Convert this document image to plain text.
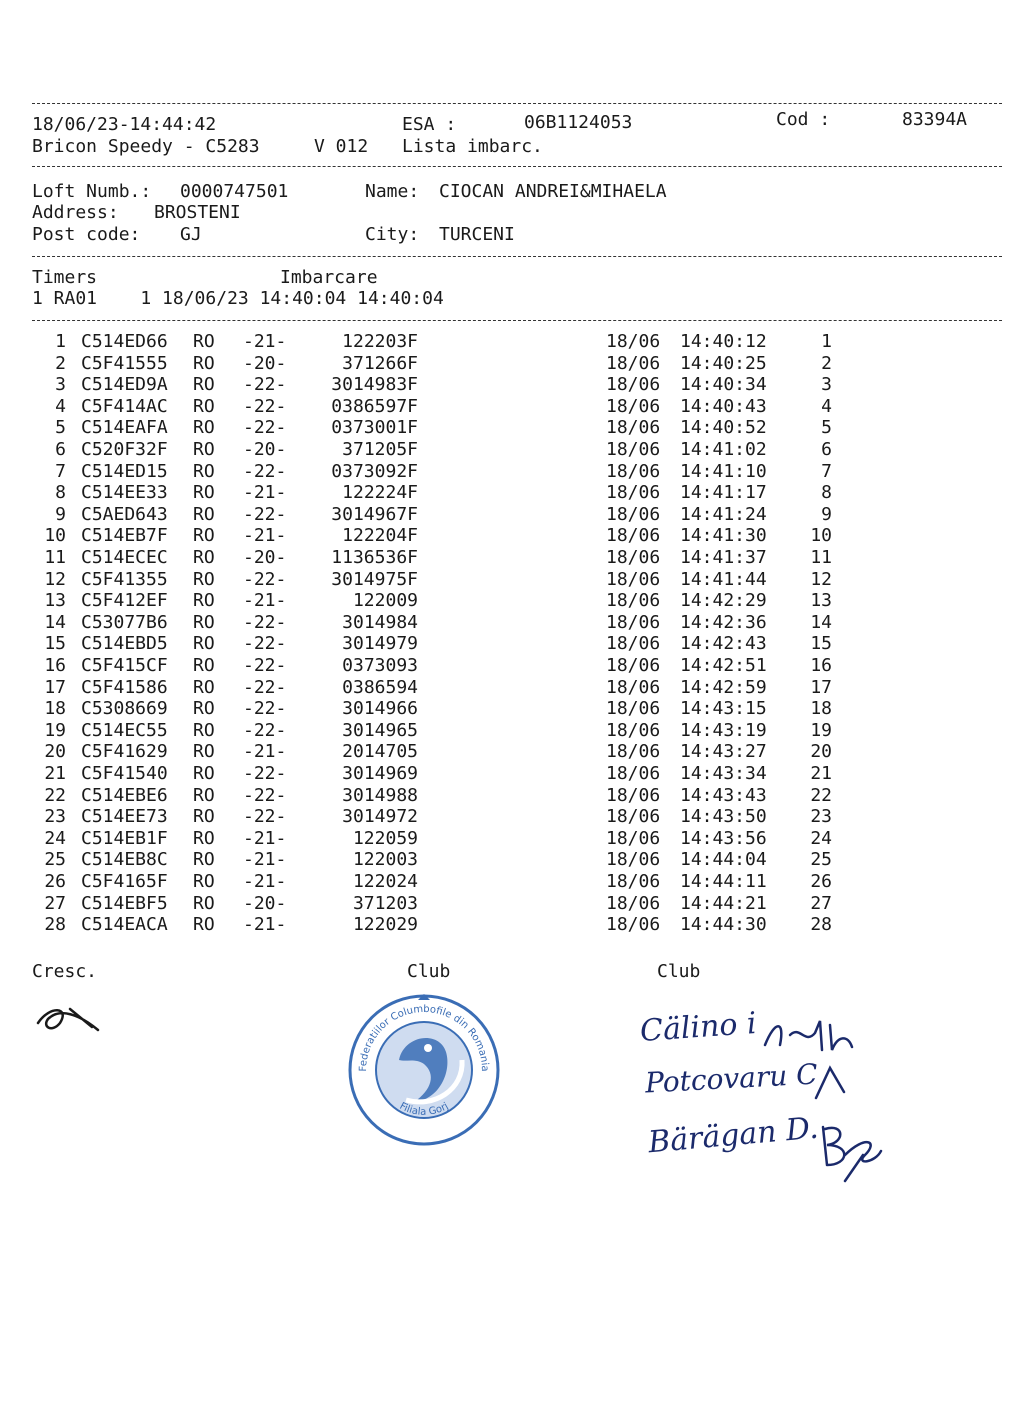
18/06/23-14:44:42	ESA :	06B1124053	Cod :	83394A
Bricon Speedy - C5283	V 012 Lista imbarc.
Loft Numb.: 0000747501	Name: CIOCAN ANDREI&MIHAELA
Address: BROSTENI
Post code: GJ	City: TURCENI
Timers	Imbarcare
1 RA01    1 18/06/23 14:40:04 14:40:04
1 C514ED66 RO -21-	122203F	18/06 14:40:12	1
2 C5F41555 RO -20-	371266F	18/06 14:40:25	2
3 C514ED9A RO -22-	3014983F	18/06 14:40:34	3
4 C5F414AC RO -22-	0386597F	18/06 14:40:43	4
5 C514EAFA RO -22-	0373001F	18/06 14:40:52	5
6 C520F32F RO -20-	371205F	18/06 14:41:02	6
7 C514ED15 RO -22-	0373092F	18/06 14:41:10	7
8 C514EE33 RO -21-	122224F	18/06 14:41:17	8
9 C5AED643 RO -22-	3014967F	18/06 14:41:24	9
10 C514EB7F RO -21-	122204F	18/06 14:41:30	10
11 C514ECEC RO -20-	1136536F	18/06 14:41:37	11
12 C5F41355 RO -22-	3014975F	18/06 14:41:44	12
13 C5F412EF RO -21-	122009	18/06 14:42:29	13
14 C53077B6 RO -22-	3014984	18/06 14:42:36	14
15 C514EBD5 RO -22-	3014979	18/06 14:42:43	15
16 C5F415CF RO -22-	0373093	18/06 14:42:51	16
17 C5F41586 RO -22-	0386594	18/06 14:42:59	17
18 C5308669 RO -22-	3014966	18/06 14:43:15	18
19 C514EC55 RO -22-	3014965	18/06 14:43:19	19
20 C5F41629 RO -21-	2014705	18/06 14:43:27	20
21 C5F41540 RO -22-	3014969	18/06 14:43:34	21
22 C514EBE6 RO -22-	3014988	18/06 14:43:43	22
23 C514EE73 RO -22-	3014972	18/06 14:43:50	23
24 C514EB1F RO -21-	122059	18/06 14:43:56	24
25 C514EB8C RO -21-	122003	18/06 14:44:04	25
26 C5F4165F RO -21-	122024	18/06 14:44:11	26
27 C514EBF5 RO -20-	371203	18/06 14:44:21	27
28 C514EACA RO -21-	122029	18/06 14:44:30	28
Cresc.	Club	Club
Federatiilor Columbofile din Romania
Filiala Gorj
Cälino i
Potcovaru C
Bärägan D.
